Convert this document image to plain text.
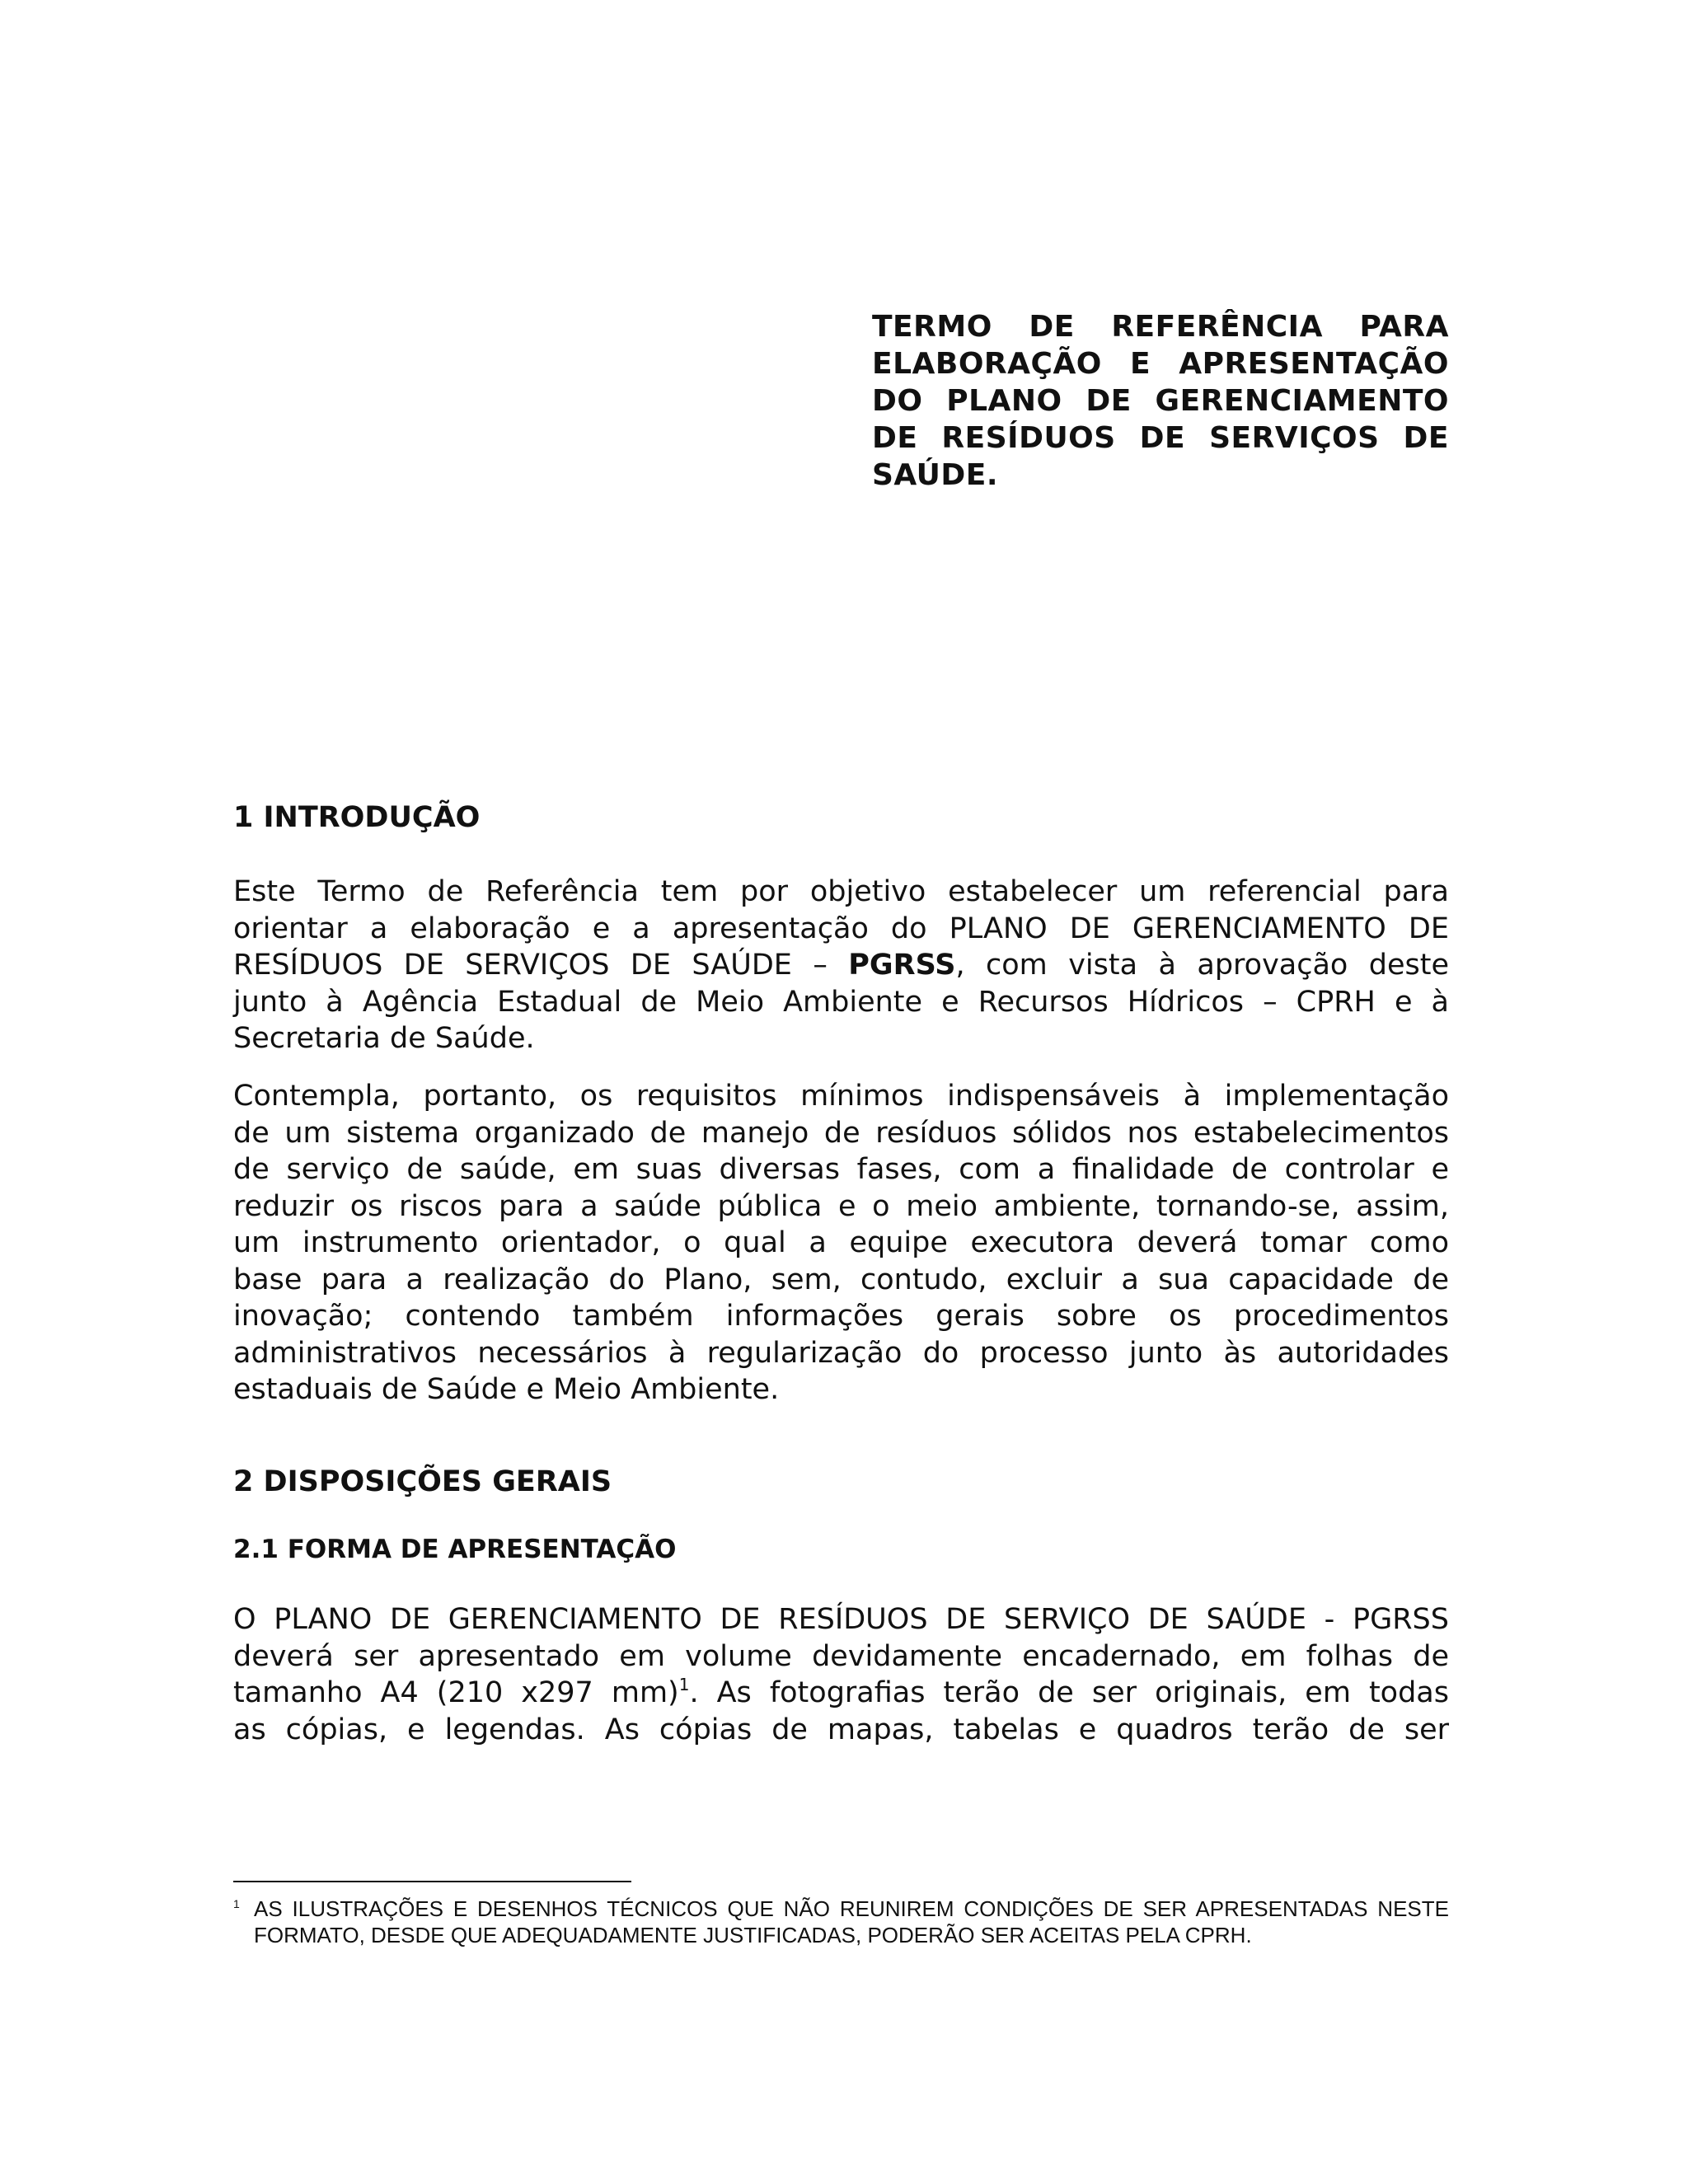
TERMO DE REFERÊNCIA PARA
ELABORAÇÃO E APRESENTAÇÃO
DO PLANO DE GERENCIAMENTO
DE RESÍDUOS DE SERVIÇOS DE
SAÚDE.
1 INTRODUÇÃO
Este Termo de Referência tem por objetivo estabelecer um referencial para
orientar a elaboração e a apresentação do PLANO DE GERENCIAMENTO DE
RESÍDUOS DE SERVIÇOS DE SAÚDE – PGRSS, com vista à aprovação deste
junto à Agência Estadual de Meio Ambiente e Recursos Hídricos – CPRH e à
Secretaria de Saúde.
Contempla, portanto, os requisitos mínimos indispensáveis à implementação
de um sistema organizado de manejo de resíduos sólidos nos estabelecimentos
de serviço de saúde, em suas diversas fases, com a finalidade de controlar e
reduzir os riscos para a saúde pública e o meio ambiente, tornando-se, assim,
um instrumento orientador, o qual a equipe executora deverá tomar como
base para a realização do Plano, sem, contudo, excluir a sua capacidade de
inovação; contendo também informações gerais sobre os procedimentos
administrativos necessários à regularização do processo junto às autoridades
estaduais de Saúde e Meio Ambiente.
2 DISPOSIÇÕES GERAIS
2.1 FORMA DE APRESENTAÇÃO
O PLANO DE GERENCIAMENTO DE RESÍDUOS DE SERVIÇO DE SAÚDE - PGRSS
deverá ser apresentado em volume devidamente encadernado, em folhas de
tamanho A4 (210 x297 mm)$^1$. As fotografias terão de ser originais, em todas
as cópias, e legendas. As cópias de mapas, tabelas e quadros terão de ser
1 AS ILUSTRAÇÕES E DESENHOS TÉCNICOS QUE NÃO REUNIREM CONDIÇÕES DE SER APRESENTADAS NESTE FORMATO, DESDE QUE ADEQUADAMENTE JUSTIFICADAS, PODERÃO SER ACEITAS PELA CPRH.
